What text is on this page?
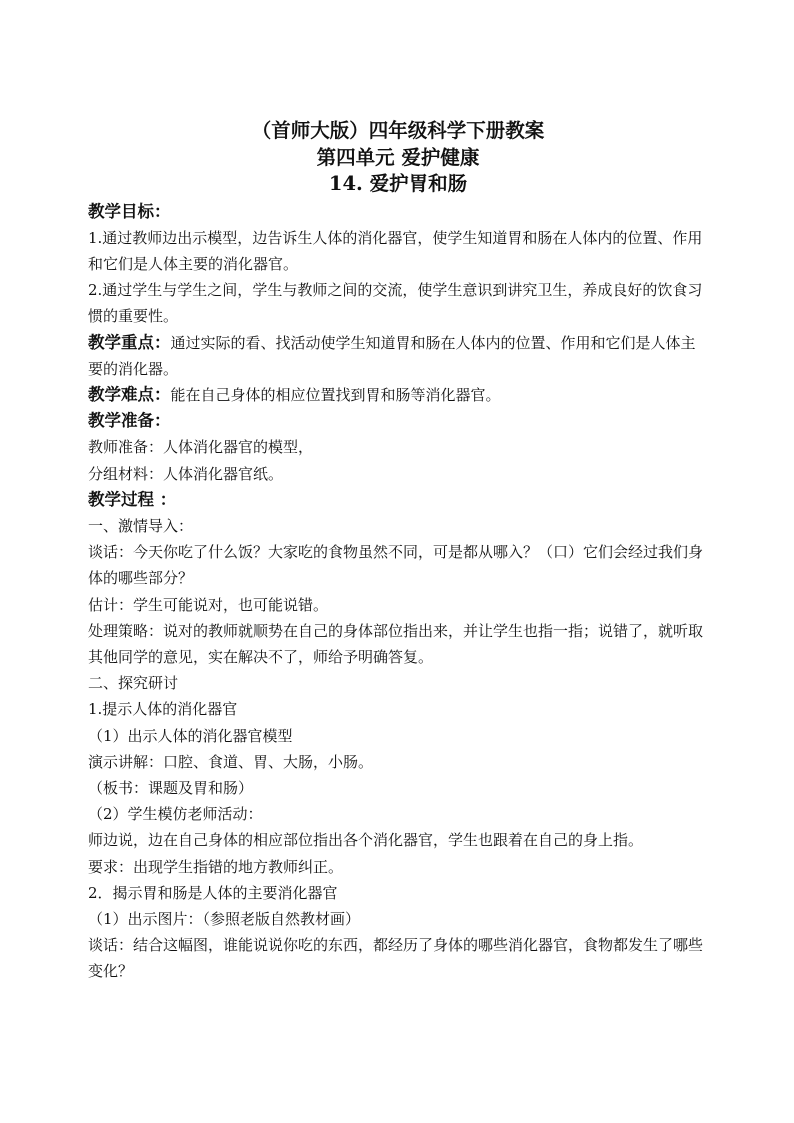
（首师大版）四年级科学下册教案

第四单元 爱护健康

14. 爱护胃和肠

教学目标：

1.通过教师边出示模型，边告诉生人体的消化器官，使学生知道胃和肠在人体内的位置、作用和它们是人体主要的消化器官。

2.通过学生与学生之间，学生与教师之间的交流，使学生意识到讲究卫生，养成良好的饮食习惯的重要性。

教学重点：通过实际的看、找活动使学生知道胃和肠在人体内的位置、作用和它们是人体主要的消化器。

教学难点：能在自己身体的相应位置找到胃和肠等消化器官。

教学准备：

教师准备：人体消化器官的模型，

分组材料：人体消化器官纸。

教学过程 ：

一、激情导入：

谈话：今天你吃了什么饭？大家吃的食物虽然不同，可是都从哪入？（口）它们会经过我们身体的哪些部分？

估计：学生可能说对，也可能说错。

处理策略：说对的教师就顺势在自己的身体部位指出来，并让学生也指一指；说错了，就听取其他同学的意见，实在解决不了，师给予明确答复。

二、探究研讨

1.提示人体的消化器官

（1）出示人体的消化器官模型

演示讲解：口腔、食道、胃、大肠，小肠。

（板书：课题及胃和肠）

（2）学生模仿老师活动：

师边说，边在自己身体的相应部位指出各个消化器官，学生也跟着在自己的身上指。

要求：出现学生指错的地方教师纠正。

2．揭示胃和肠是人体的主要消化器官

（1）出示图片：（参照老版自然教材画）

谈话：结合这幅图，谁能说说你吃的东西，都经历了身体的哪些消化器官，食物都发生了哪些变化？
